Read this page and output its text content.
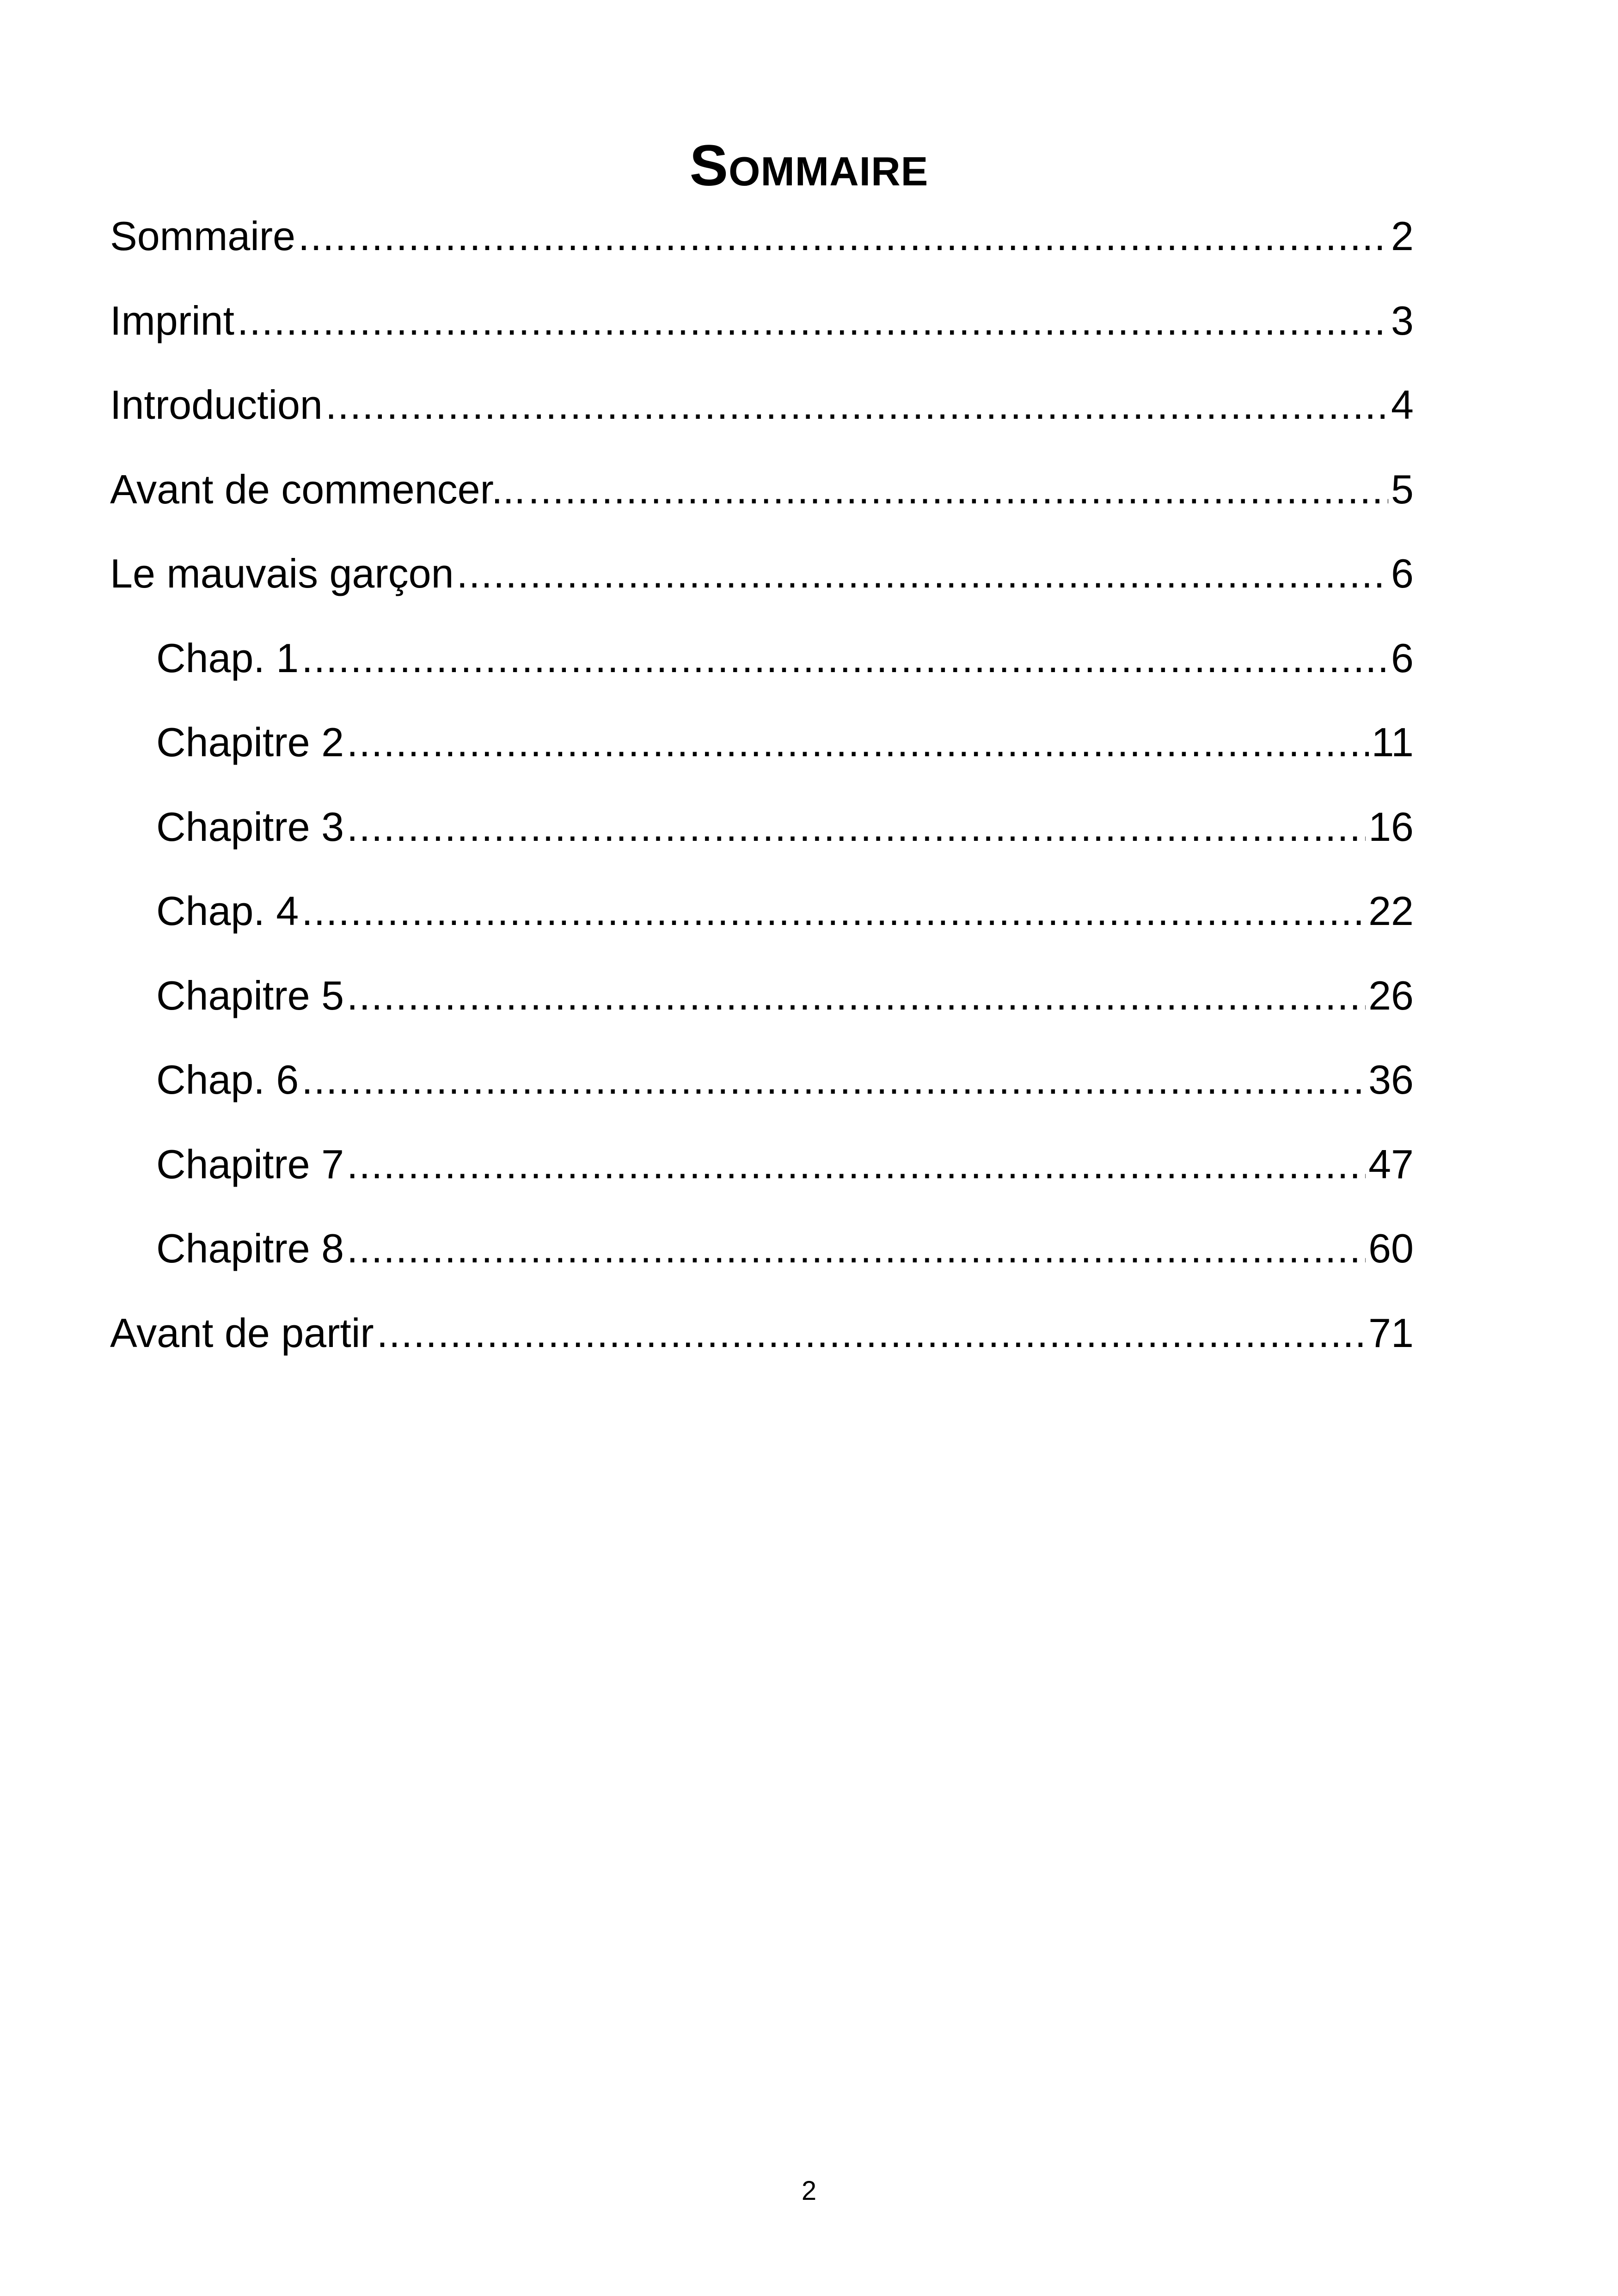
Sommaire
Sommaire .....	2
Imprint .....	3
Introduction .....	4
Avant de commencer... .....	5
Le mauvais garçon .....	6
Chap. 1 .....	6
Chapitre 2 .....	11
Chapitre 3 .....	16
Chap. 4 .....	22
Chapitre 5 .....	26
Chap. 6 .....	36
Chapitre 7 .....	47
Chapitre 8 .....	60
Avant de partir .....	71
2
